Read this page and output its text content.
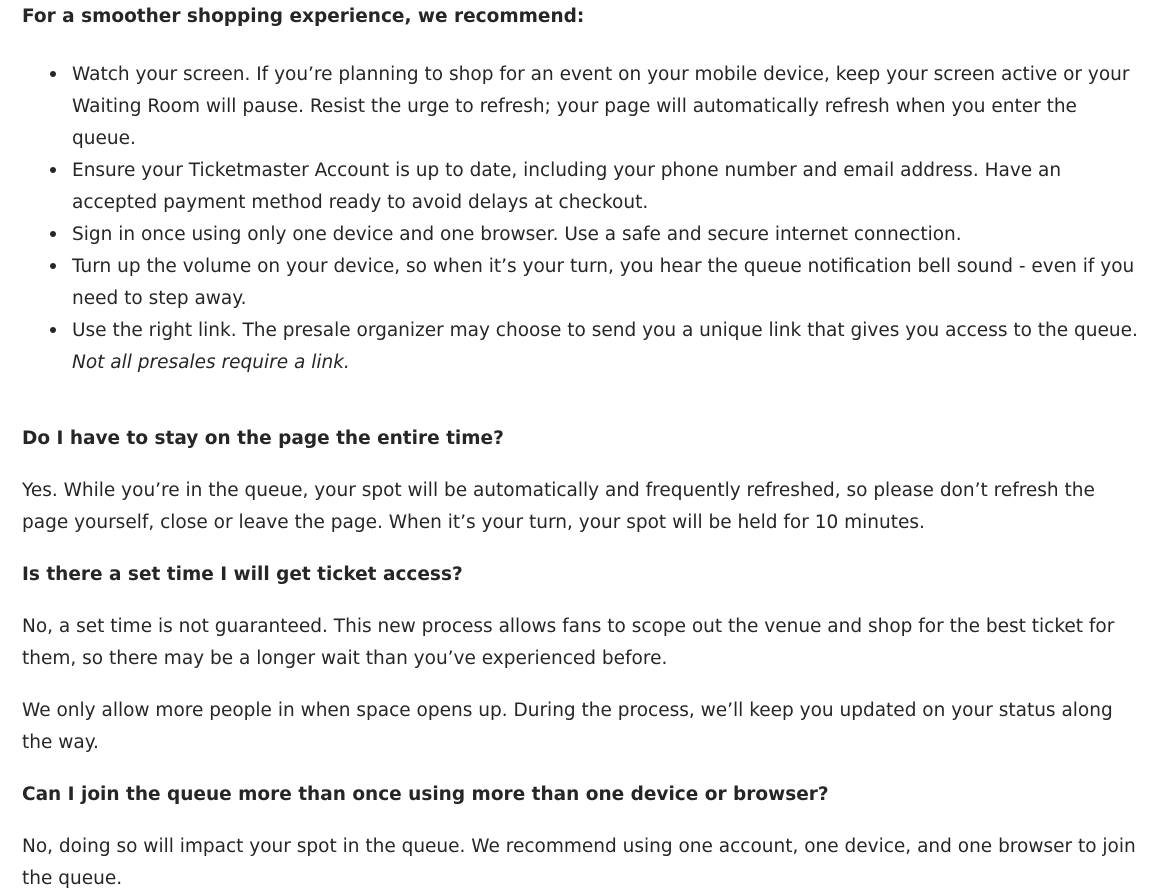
For a smoother shopping experience, we recommend:

Watch your screen. If you’re planning to shop for an event on your mobile device, keep your screen active or your Waiting Room will pause. Resist the urge to refresh; your page will automatically refresh when you enter the queue.
Ensure your Ticketmaster Account is up to date, including your phone number and email address. Have an accepted payment method ready to avoid delays at checkout.
Sign in once using only one device and one browser. Use a safe and secure internet connection.
Turn up the volume on your device, so when it’s your turn, you hear the queue notification bell sound - even if you need to step away.
Use the right link. The presale organizer may choose to send you a unique link that gives you access to the queue.
Not all presales require a link.

Do I have to stay on the page the entire time?

Yes. While you’re in the queue, your spot will be automatically and frequently refreshed, so please don’t refresh the page yourself, close or leave the page. When it’s your turn, your spot will be held for 10 minutes.

Is there a set time I will get ticket access?

No, a set time is not guaranteed. This new process allows fans to scope out the venue and shop for the best ticket for them, so there may be a longer wait than you’ve experienced before.

We only allow more people in when space opens up. During the process, we’ll keep you updated on your status along the way.

Can I join the queue more than once using more than one device or browser?

No, doing so will impact your spot in the queue. We recommend using one account, one device, and one browser to join the queue.
